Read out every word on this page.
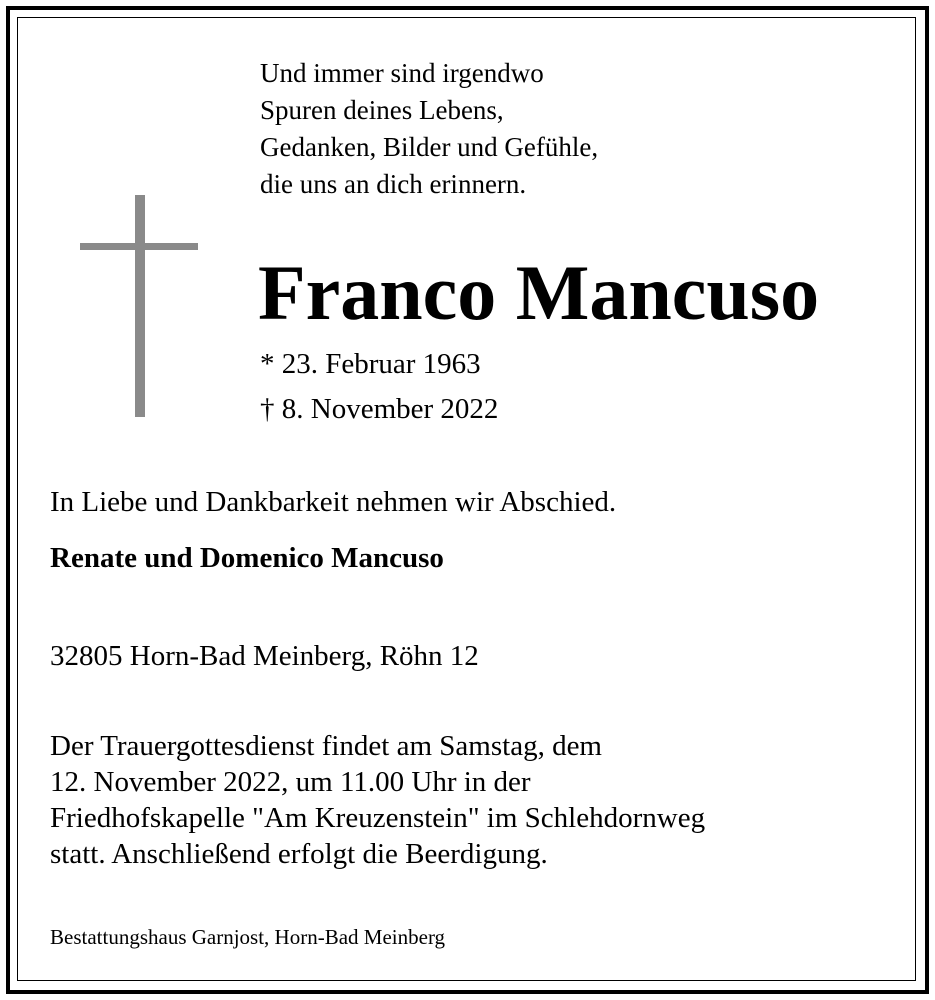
Und immer sind irgendwo
Spuren deines Lebens,
Gedanken, Bilder und Gefühle,
die uns an dich erinnern.
Franco Mancuso
* 23. Februar 1963
† 8. November 2022
In Liebe und Dankbarkeit nehmen wir Abschied.
Renate und Domenico Mancuso
32805 Horn-Bad Meinberg, Röhn 12
Der Trauergottesdienst findet am Samstag, dem
12. November 2022, um 11.00 Uhr in der
Friedhofskapelle "Am Kreuzenstein" im Schlehdornweg
statt. Anschließend erfolgt die Beerdigung.
Bestattungshaus Garnjost, Horn-Bad Meinberg
